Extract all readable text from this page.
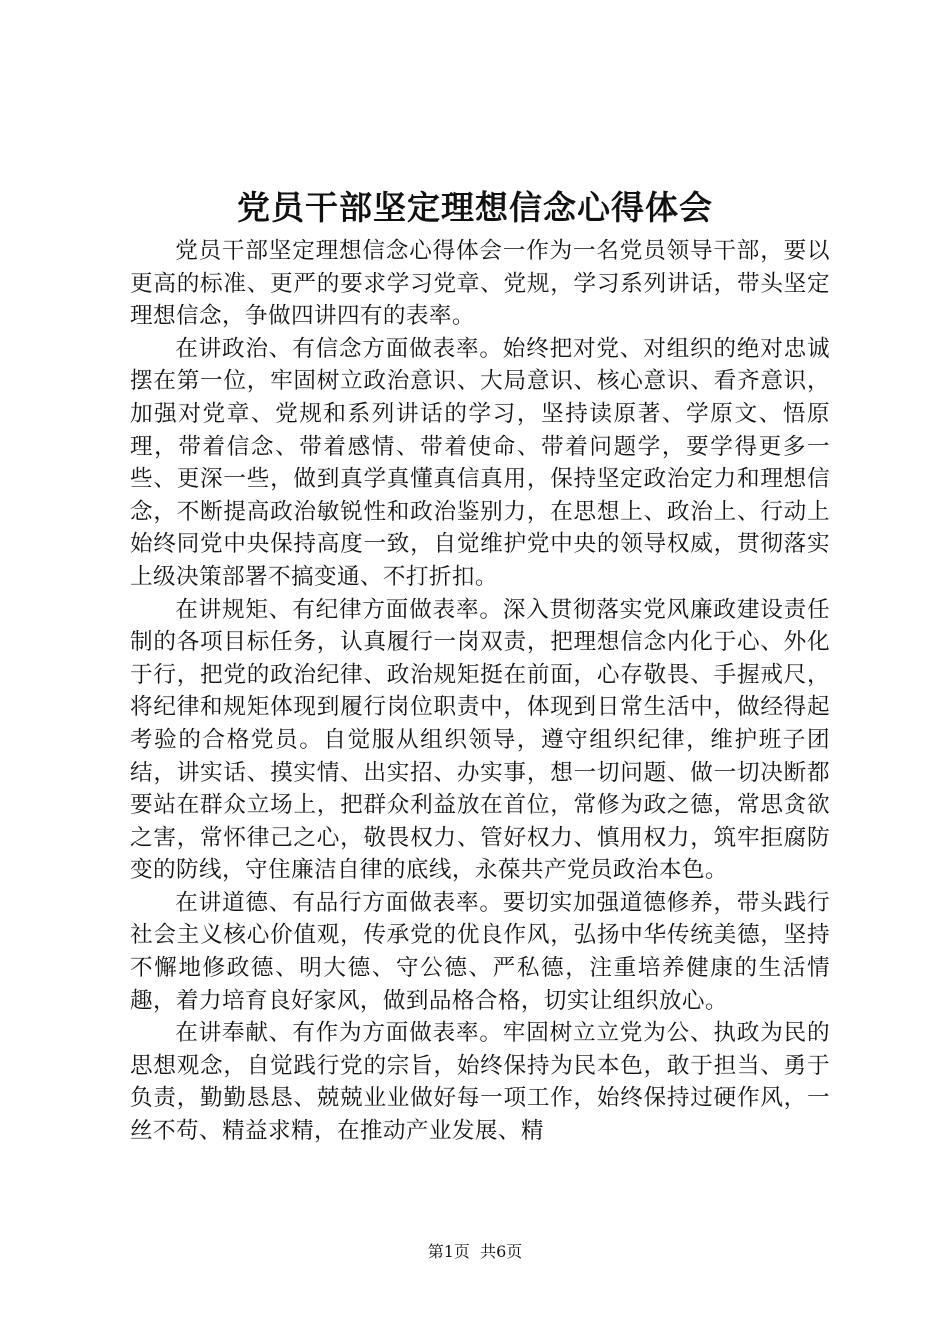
党员干部坚定理想信念心得体会

党员干部坚定理想信念心得体会一作为一名党员领导干部，要以更高的标准、更严的要求学习党章、党规，学习系列讲话，带头坚定理想信念，争做四讲四有的表率。

在讲政治、有信念方面做表率。始终把对党、对组织的绝对忠诚摆在第一位，牢固树立政治意识、大局意识、核心意识、看齐意识，加强对党章、党规和系列讲话的学习，坚持读原著、学原文、悟原理，带着信念、带着感情、带着使命、带着问题学，要学得更多一些、更深一些，做到真学真懂真信真用，保持坚定政治定力和理想信念，不断提高政治敏锐性和政治鉴别力，在思想上、政治上、行动上始终同党中央保持高度一致，自觉维护党中央的领导权威，贯彻落实上级决策部署不搞变通、不打折扣。

在讲规矩、有纪律方面做表率。深入贯彻落实党风廉政建设责任制的各项目标任务，认真履行一岗双责，把理想信念内化于心、外化于行，把党的政治纪律、政治规矩挺在前面，心存敬畏、手握戒尺，将纪律和规矩体现到履行岗位职责中，体现到日常生活中，做经得起考验的合格党员。自觉服从组织领导，遵守组织纪律，维护班子团结，讲实话、摸实情、出实招、办实事，想一切问题、做一切决断都要站在群众立场上，把群众利益放在首位，常修为政之德，常思贪欲之害，常怀律己之心，敬畏权力、管好权力、慎用权力，筑牢拒腐防变的防线，守住廉洁自律的底线，永葆共产党员政治本色。

在讲道德、有品行方面做表率。要切实加强道德修养，带头践行社会主义核心价值观，传承党的优良作风，弘扬中华传统美德，坚持不懈地修政德、明大德、守公德、严私德，注重培养健康的生活情趣，着力培育良好家风，做到品格合格，切实让组织放心。

在讲奉献、有作为方面做表率。牢固树立立党为公、执政为民的思想观念，自觉践行党的宗旨，始终保持为民本色，敢于担当、勇于负责，勤勤恳恳、兢兢业业做好每一项工作，始终保持过硬作风，一丝不苟、精益求精，在推动产业发展、精

第1页  共6页
